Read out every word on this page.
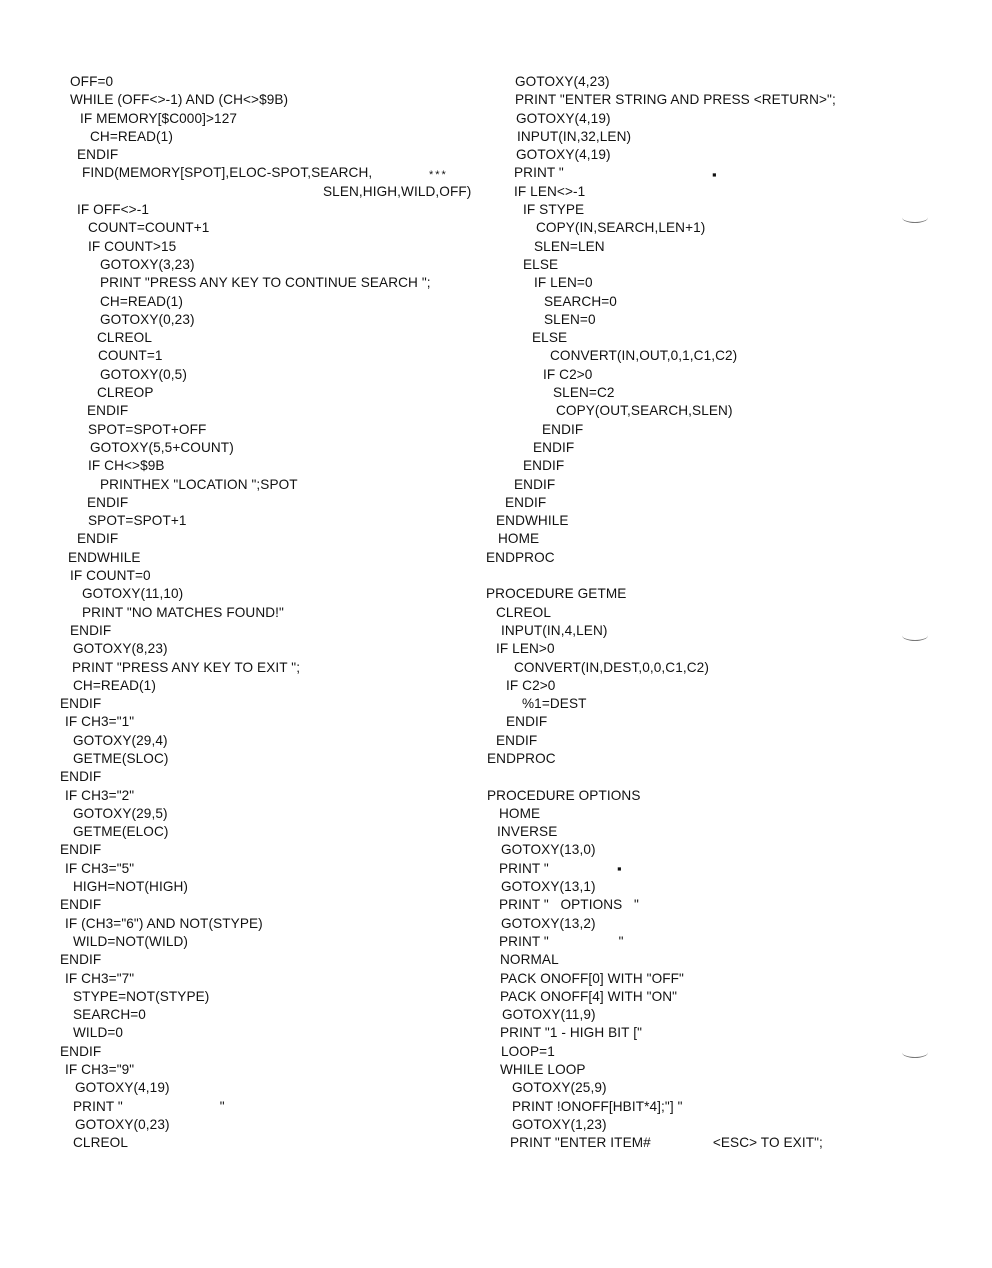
OFF=0
WHILE (OFF<>-1) AND (CH<>$9B)
IF MEMORY[$C000]>127
CH=READ(1)
ENDIF
FIND(MEMORY[SPOT],ELOC-SPOT,SEARCH,
IF OFF<>-1
COUNT=COUNT+1
IF COUNT>15
GOTOXY(3,23)
PRINT "PRESS ANY KEY TO CONTINUE SEARCH ";
CH=READ(1)
GOTOXY(0,23)
CLREOL
COUNT=1
GOTOXY(0,5)
CLREOP
ENDIF
SPOT=SPOT+OFF
GOTOXY(5,5+COUNT)
IF CH<>$9B
PRINTHEX "LOCATION ";SPOT
ENDIF
SPOT=SPOT+1
ENDIF
ENDWHILE
IF COUNT=0
GOTOXY(11,10)
PRINT "NO MATCHES FOUND!"
ENDIF
GOTOXY(8,23)
PRINT "PRESS ANY KEY TO EXIT ";
CH=READ(1)
ENDIF
IF CH3="1"
GOTOXY(29,4)
GETME(SLOC)
ENDIF
IF CH3="2"
GOTOXY(29,5)
GETME(ELOC)
ENDIF
IF CH3="5"
HIGH=NOT(HIGH)
ENDIF
IF (CH3="6") AND NOT(STYPE)
WILD=NOT(WILD)
ENDIF
IF CH3="7"
STYPE=NOT(STYPE)
SEARCH=0
WILD=0
ENDIF
IF CH3="9"
GOTOXY(4,19)
PRINT "                         "
GOTOXY(0,23)
CLREOL
GOTOXY(4,23)
PRINT "ENTER STRING AND PRESS <RETURN>";
GOTOXY(4,19)
INPUT(IN,32,LEN)
GOTOXY(4,19)
PRINT "
IF LEN<>-1
IF STYPE
COPY(IN,SEARCH,LEN+1)
SLEN=LEN
ELSE
IF LEN=0
SEARCH=0
SLEN=0
ELSE
CONVERT(IN,OUT,0,1,C1,C2)
IF C2>0
SLEN=C2
COPY(OUT,SEARCH,SLEN)
ENDIF
ENDIF
ENDIF
ENDIF
ENDIF
ENDWHILE
HOME
ENDPROC
PROCEDURE GETME
CLREOL
INPUT(IN,4,LEN)
IF LEN>0
CONVERT(IN,DEST,0,0,C1,C2)
IF C2>0
%1=DEST
ENDIF
ENDIF
ENDPROC
PROCEDURE OPTIONS
HOME
INVERSE
GOTOXY(13,0)
PRINT "
GOTOXY(13,1)
PRINT "   OPTIONS   "
GOTOXY(13,2)
PRINT "                  "
NORMAL
PACK ONOFF[0] WITH "OFF"
PACK ONOFF[4] WITH "ON"
GOTOXY(11,9)
PRINT "1 - HIGH BIT ["
LOOP=1
WHILE LOOP
GOTOXY(25,9)
PRINT !ONOFF[HBIT*4];"] "
GOTOXY(1,23)
PRINT "ENTER ITEM#                <ESC> TO EXIT";
***
SLEN,HIGH,WILD,OFF)
▪
▪
